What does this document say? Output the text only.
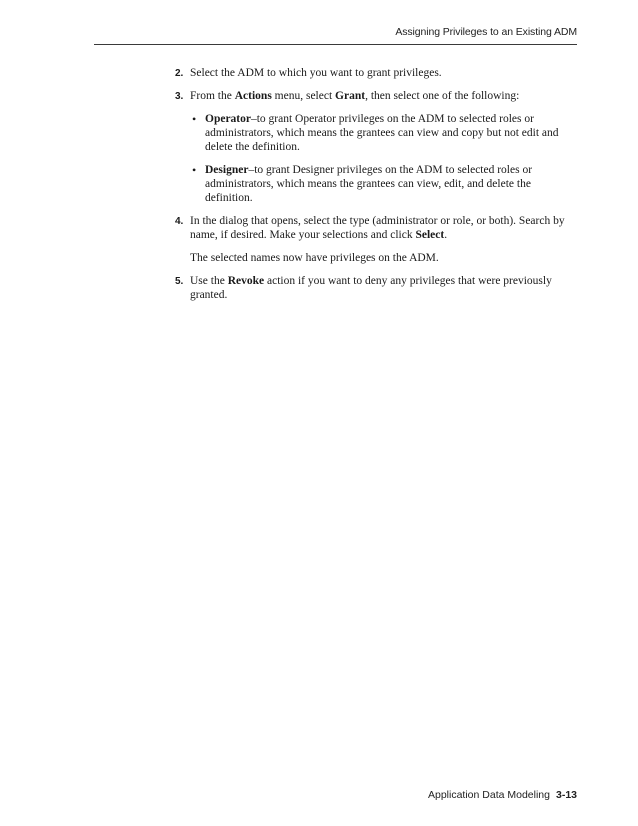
Assigning Privileges to an Existing ADM
2. Select the ADM to which you want to grant privileges.

3. From the Actions menu, select Grant, then select one of the following:

• Operator–to grant Operator privileges on the ADM to selected roles or administrators, which means the grantees can view and copy but not edit and delete the definition.
• Designer–to grant Designer privileges on the ADM to selected roles or administrators, which means the grantees can view, edit, and delete the definition.
4. In the dialog that opens, select the type (administrator or role, or both). Search by name, if desired. Make your selections and click Select.

The selected names now have privileges on the ADM.

5. Use the Revoke action if you want to deny any privileges that were previously granted.

Application Data Modeling 3-13
